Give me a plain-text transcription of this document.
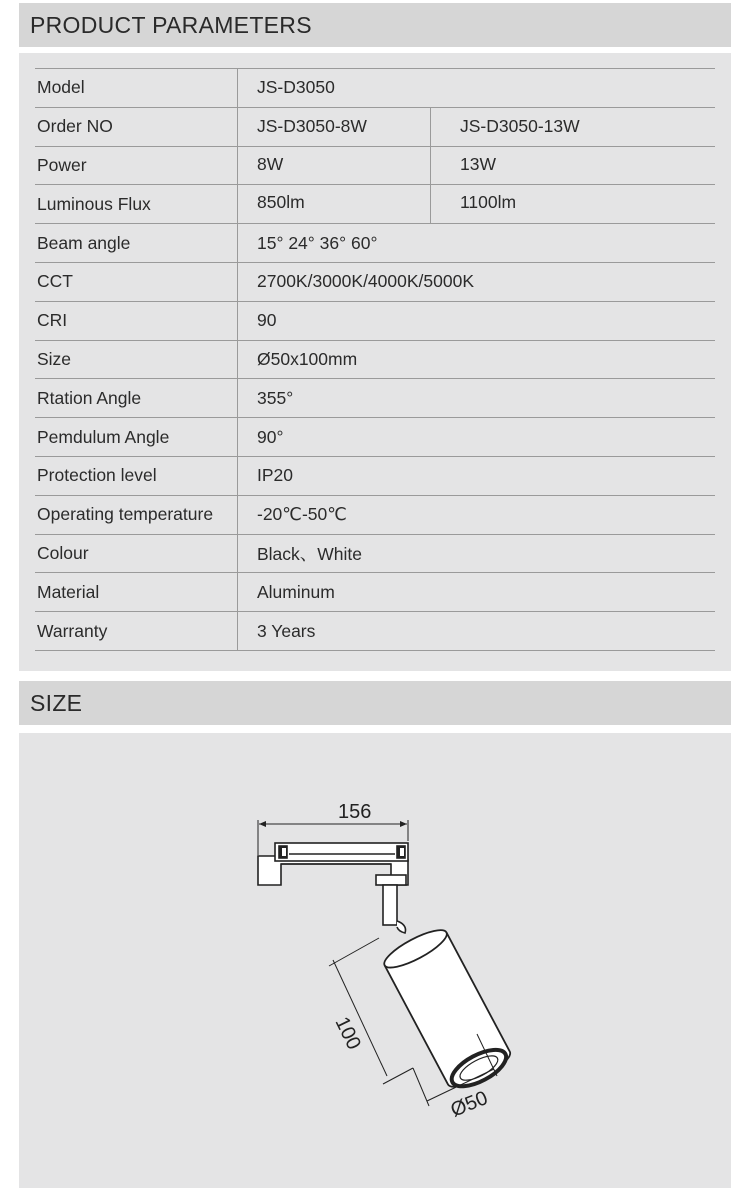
PRODUCT PARAMETERS
Model	JS-D3050
Order NO	JS-D3050-8W	JS-D3050-13W
Power	8W	13W
Luminous Flux	850lm	1100lm
Beam angle	15° 24° 36° 60°
CCT	2700K/3000K/4000K/5000K
CRI	90
Size	Ø50x100mm
Rtation Angle	355°
Pemdulum Angle	90°
Protection level	IP20
Operating temperature	-20℃-50℃
Colour	Black、White
Material	Aluminum
Warranty	3 Years
SIZE
156
100
Ø50
